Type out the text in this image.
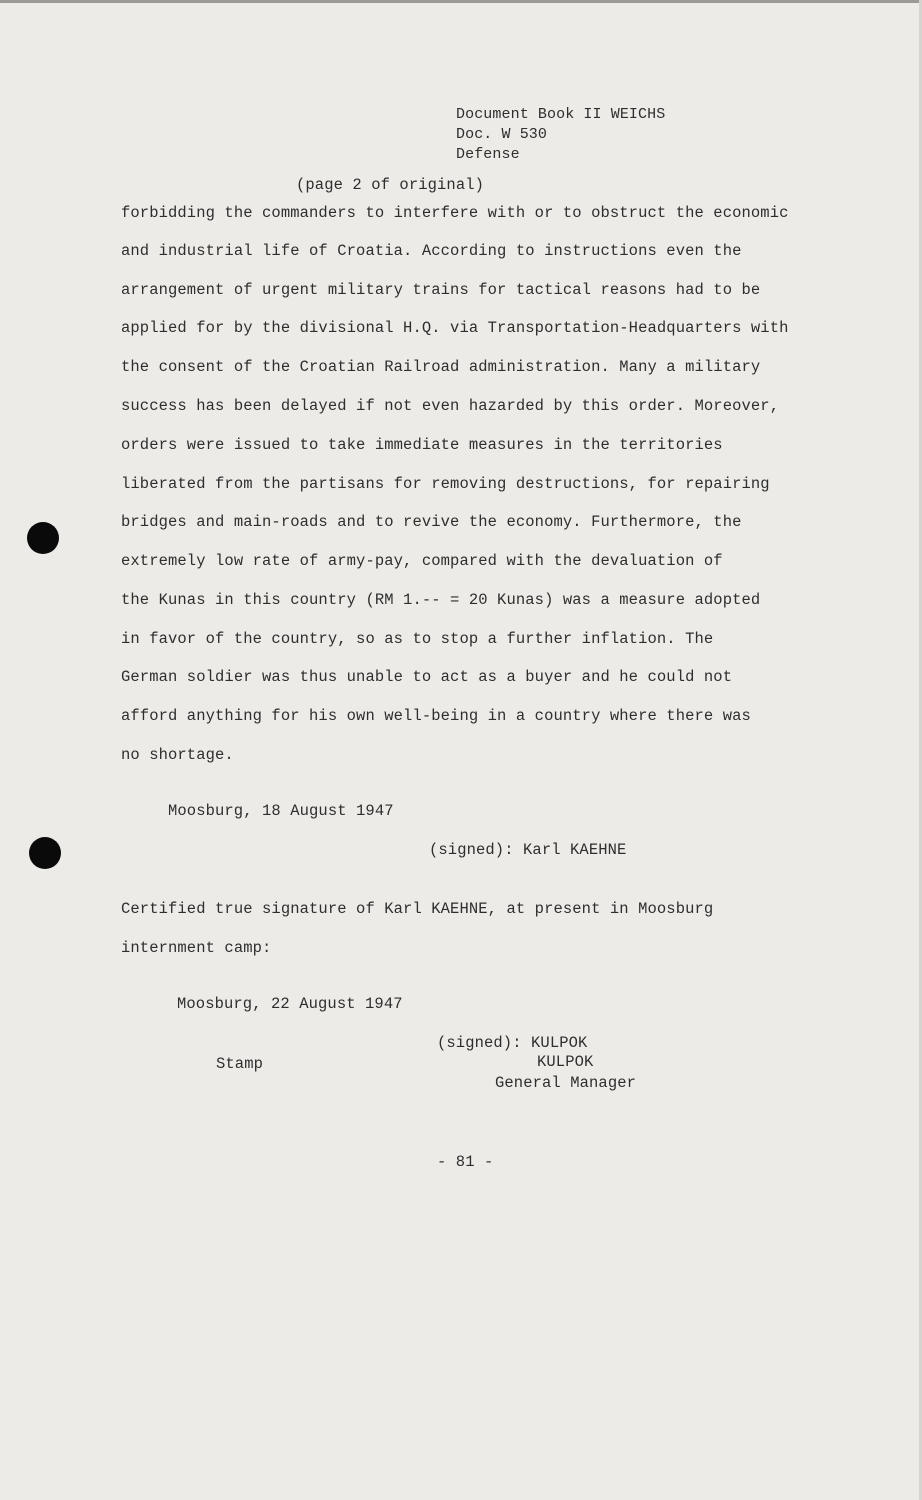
Document Book II WEICHS
Doc. W 530
Defense
(page 2 of original)
forbidding the commanders to interfere with or to obstruct the economic
and industrial life of Croatia. According to instructions even the
arrangement of urgent military trains for tactical reasons had to be
applied for by the divisional H.Q. via Transportation-Headquarters with
the consent of the Croatian Railroad administration. Many a military
success has been delayed if not even hazarded by this order. Moreover,
orders were issued to take immediate measures in the territories
liberated from the partisans for removing destructions, for repairing
bridges and main-roads and to revive the economy. Furthermore, the
extremely low rate of army-pay, compared with the devaluation of
the Kunas in this country (RM 1.-- = 20 Kunas) was a measure adopted
in favor of the country, so as to stop a further inflation. The
German soldier was thus unable to act as a buyer and he could not
afford anything for his own well-being in a country where there was
no shortage.
Moosburg, 18 August 1947
(signed): Karl KAEHNE
Certified true signature of Karl KAEHNE, at present in Moosburg
internment camp:
Moosburg, 22 August 1947
(signed): KULPOK
Stamp	KULPOK
General Manager
- 81 -
